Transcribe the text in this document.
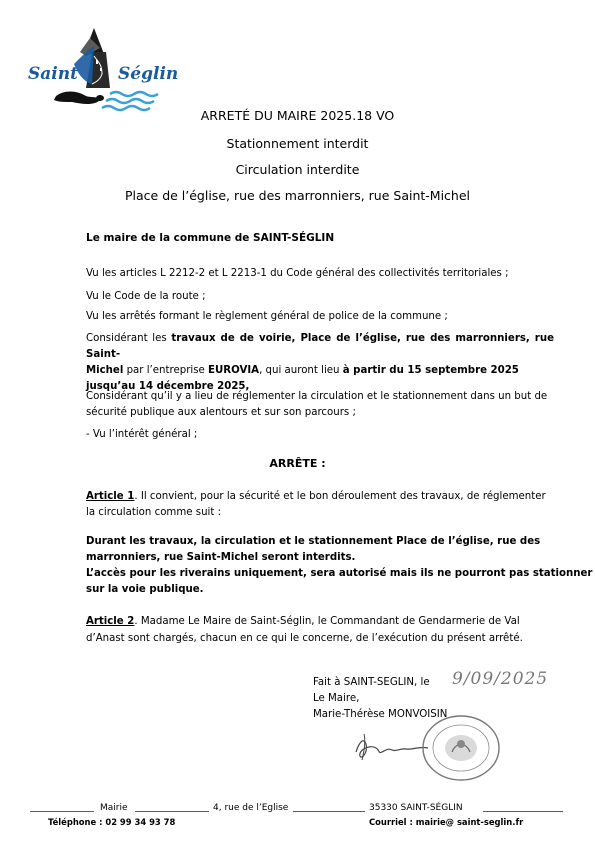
Saint Séglin
ARRETÉ DU MAIRE 2025.18 VO
Stationnement interdit
Circulation interdite
Place de l’église, rue des marronniers, rue Saint-Michel
Le maire de la commune de SAINT-SÉGLIN
Vu les articles L 2212-2 et L 2213-1 du Code général des collectivités territoriales ;
Vu le Code de la route ;
Vu les arrêtés formant le règlement général de police de la commune ;
Considérant les travaux de de voirie, Place de l’église, rue des marronniers, rue Saint-
Michel par l’entreprise EUROVIA, qui auront lieu à partir du 15 septembre 2025
jusqu’au 14 décembre 2025,
Considérant qu’il y a lieu de réglementer la circulation et le stationnement dans un but de
sécurité publique aux alentours et sur son parcours ;
- Vu l’intérêt général ;
ARRÊTE :
Article 1. Il convient, pour la sécurité et le bon déroulement des travaux, de réglementer
la circulation comme suit :
Durant les travaux, la circulation et le stationnement Place de l’église, rue des
marronniers, rue Saint-Michel seront interdits.
L’accès pour les riverains uniquement, sera autorisé mais ils ne pourront pas stationner
sur la voie publique.
Article 2. Madame Le Maire de Saint-Séglin, le Commandant de Gendarmerie de Val
d’Anast sont chargés, chacun en ce qui le concerne, de l’exécution du présent arrêté.
Fait à SAINT-SEGLIN, le 9/09/2025
Le Maire,
Marie-Thérèse MONVOISIN
Mairie	4, rue de l’Eglise	35330 SAINT-SÉGLIN
Téléphone : 02 99 34 93 78	Courriel : mairie@ saint-seglin.fr
